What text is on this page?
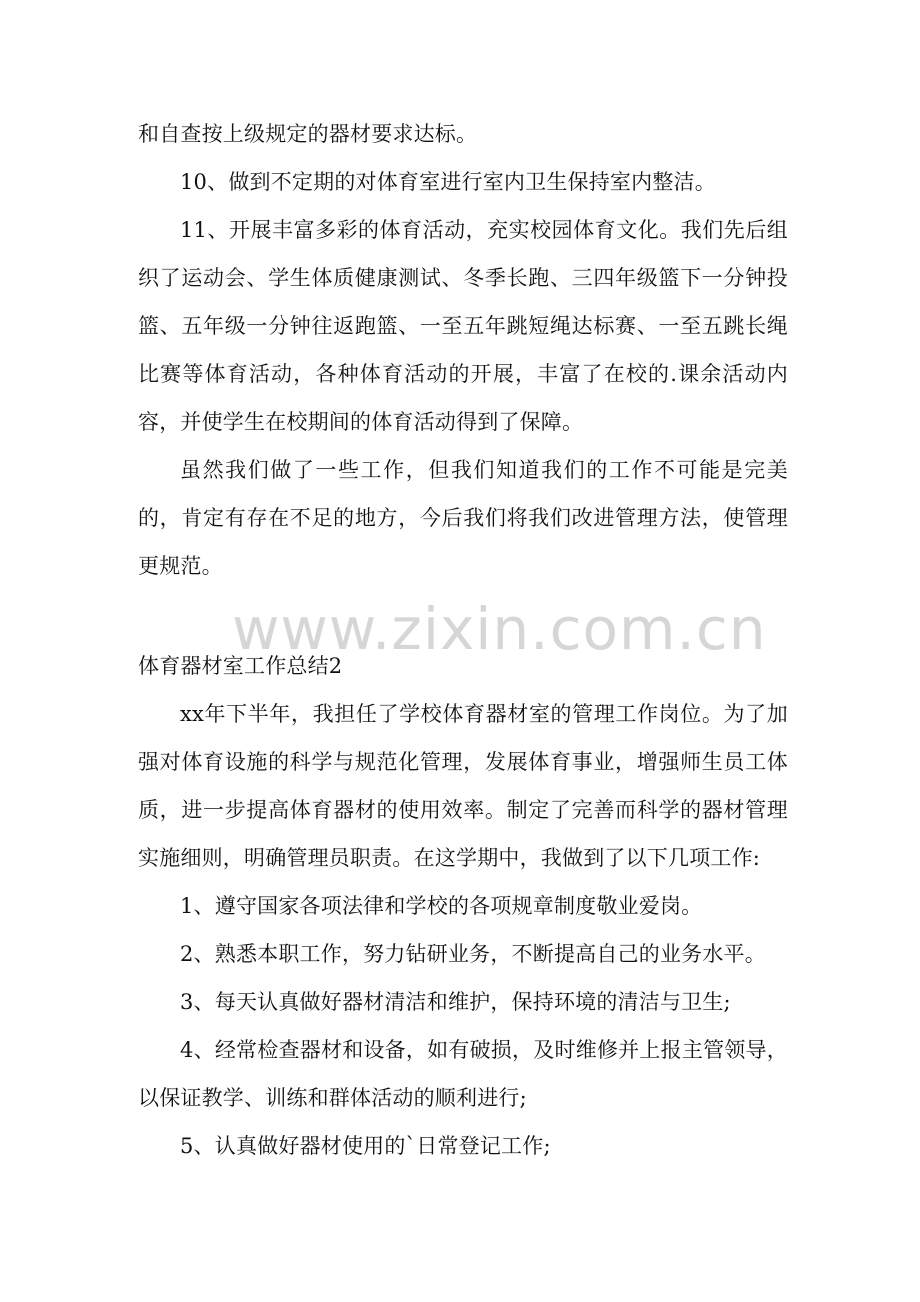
和自查按上级规定的器材要求达标。

10、做到不定期的对体育室进行室内卫生保持室内整洁。

11、开展丰富多彩的体育活动，充实校园体育文化。我们先后组织了运动会、学生体质健康测试、冬季长跑、三四年级篮下一分钟投篮、五年级一分钟往返跑篮、一至五年跳短绳达标赛、一至五跳长绳比赛等体育活动，各种体育活动的开展，丰富了在校的.课余活动内容，并使学生在校期间的体育活动得到了保障。

虽然我们做了一些工作，但我们知道我们的工作不可能是完美的，肯定有存在不足的地方，今后我们将我们改进管理方法，使管理更规范。

www.zixin.com.cn

体育器材室工作总结2

xx年下半年，我担任了学校体育器材室的管理工作岗位。为了加强对体育设施的科学与规范化管理，发展体育事业，增强师生员工体质，进一步提高体育器材的使用效率。制定了完善而科学的器材管理实施细则，明确管理员职责。在这学期中，我做到了以下几项工作:

1、遵守国家各项法律和学校的各项规章制度敬业爱岗。

2、熟悉本职工作，努力钻研业务，不断提高自己的业务水平。

3、每天认真做好器材清洁和维护，保持环境的清洁与卫生;

4、经常检查器材和设备，如有破损，及时维修并上报主管领导，以保证教学、训练和群体活动的顺利进行;

5、认真做好器材使用的`日常登记工作;
